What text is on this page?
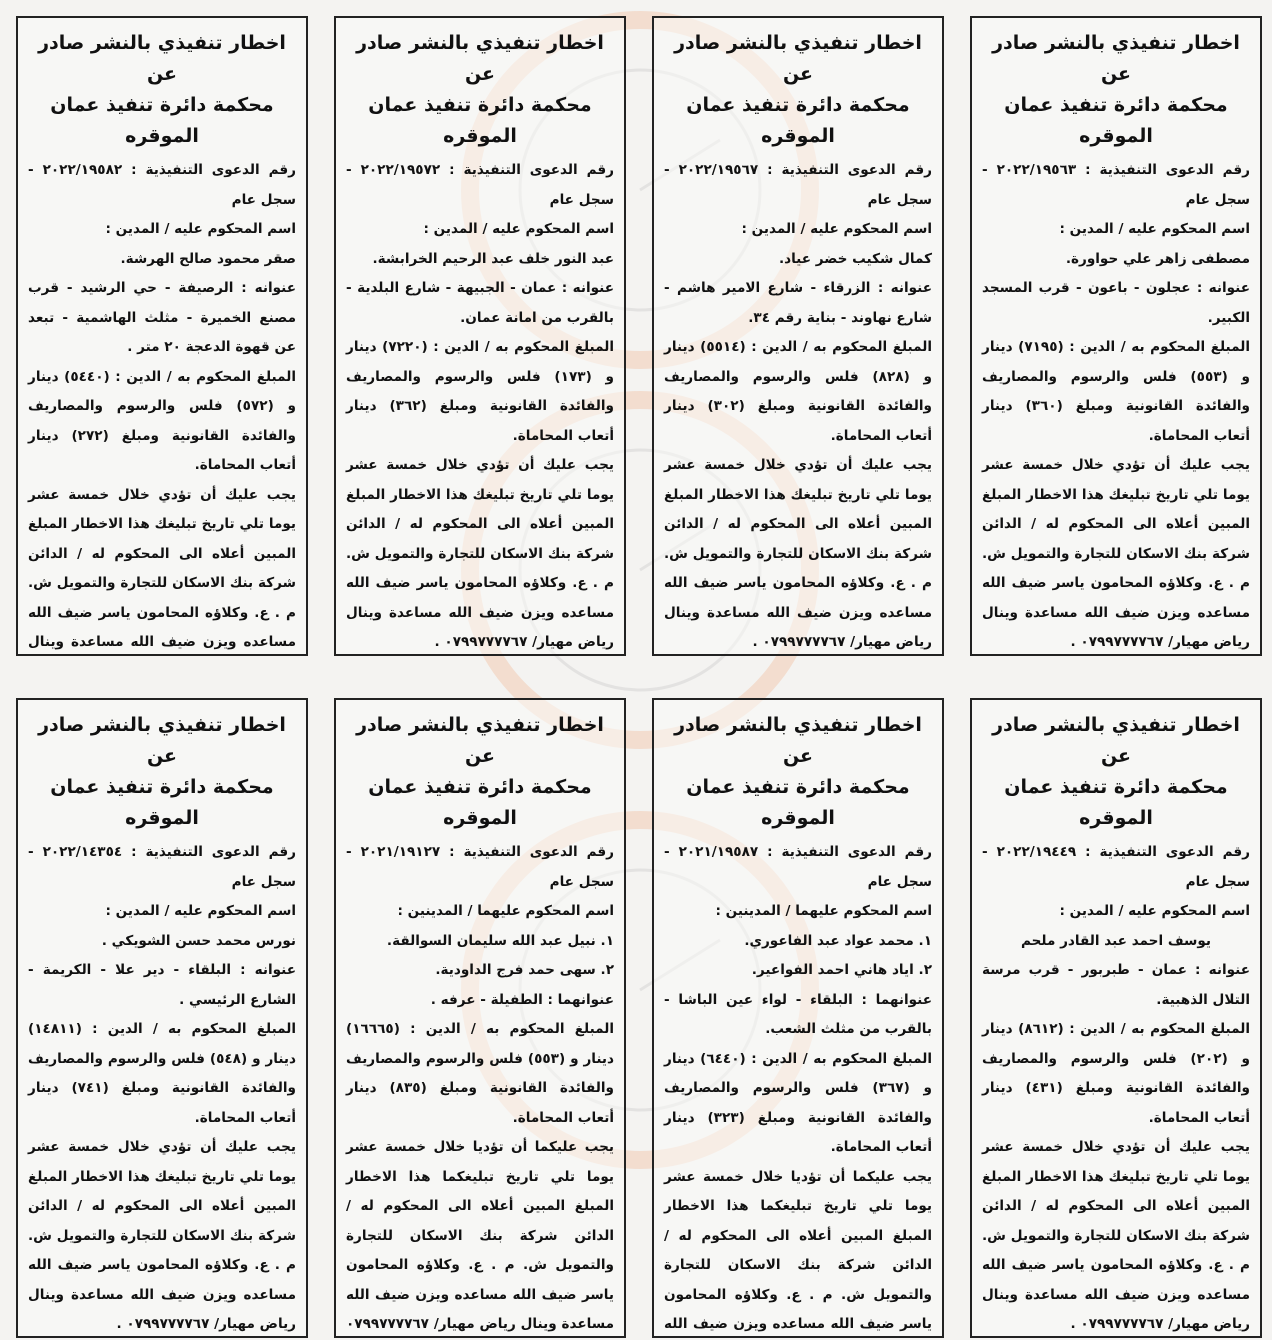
اخطار تنفيذي بالنشر صادر عن
محكمة دائرة تنفيذ عمان الموقره

رقم الدعوى التنفيذية : ٢٠٢٢/١٩٥٦٣ - سجل عام

اسم المحكوم عليه / المدين :

مصطفى زاهر علي حواورة.

عنوانه : عجلون - باعون - قرب المسجد الكبير.

المبلغ المحكوم به / الدين : (٧١٩٥) دينار و (٥٥٣) فلس والرسوم والمصاريف والفائدة القانونية ومبلغ (٣٦٠) دينار أتعاب المحاماة.

يجب عليك أن تؤدي خلال خمسة عشر يوما تلي تاريخ تبليغك هذا الاخطار المبلغ المبين أعلاه الى المحكوم له / الدائن شركة بنك الاسكان للتجارة والتمويل ش. م . ع. وكلاؤه المحامون ياسر ضيف الله مساعده ويزن ضيف الله مساعدة وينال رياض مهيار/ ٠٧٩٩٧٧٧٧٦٧ .

اخطار تنفيذي بالنشر صادر عن
محكمة دائرة تنفيذ عمان الموقره

رقم الدعوى التنفيذية : ٢٠٢٢/١٩٥٦٧ - سجل عام

اسم المحكوم عليه / المدين :

كمال شكيب خضر عياد.

عنوانه : الزرقاء - شارع الامير هاشم - شارع نهاوند - بناية رقم ٣٤.

المبلغ المحكوم به / الدين : (٥٥١٤) دينار و (٨٢٨) فلس والرسوم والمصاريف والفائدة القانونية ومبلغ (٣٠٢) دينار أتعاب المحاماة.

يجب عليك أن تؤدي خلال خمسة عشر يوما تلي تاريخ تبليغك هذا الاخطار المبلغ المبين أعلاه الى المحكوم له / الدائن شركة بنك الاسكان للتجارة والتمويل ش. م . ع. وكلاؤه المحامون ياسر ضيف الله مساعده ويزن ضيف الله مساعدة وينال رياض مهيار/ ٠٧٩٩٧٧٧٧٦٧ .

اخطار تنفيذي بالنشر صادر عن
محكمة دائرة تنفيذ عمان الموقره

رقم الدعوى التنفيذية : ٢٠٢٢/١٩٥٧٢ - سجل عام

اسم المحكوم عليه / المدين :

عبد النور خلف عبد الرحيم الخرابشة.

عنوانه : عمان - الجبيهة - شارع البلدية - بالقرب من امانة عمان.

المبلغ المحكوم به / الدين : (٧٢٢٠) دينار و (١٧٣) فلس والرسوم والمصاريف والفائدة القانونية ومبلغ (٣٦٢) دينار أتعاب المحاماة.

يجب عليك أن تؤدي خلال خمسة عشر يوما تلي تاريخ تبليغك هذا الاخطار المبلغ المبين أعلاه الى المحكوم له / الدائن شركة بنك الاسكان للتجارة والتمويل ش. م . ع. وكلاؤه المحامون ياسر ضيف الله مساعده ويزن ضيف الله مساعدة وينال رياض مهيار/ ٠٧٩٩٧٧٧٧٦٧ .

اخطار تنفيذي بالنشر صادر عن
محكمة دائرة تنفيذ عمان الموقره

رقم الدعوى التنفيذية : ٢٠٢٢/١٩٥٨٢ - سجل عام

اسم المحكوم عليه / المدين :

صقر محمود صالح الهرشة.

عنوانه : الرصيفة - حي الرشيد - قرب مصنع الخميرة - مثلث الهاشمية - تبعد عن قهوة الدعجة ٢٠ متر .

المبلغ المحكوم به / الدين : (٥٤٤٠) دينار و (٥٧٢) فلس والرسوم والمصاريف والفائدة القانونية ومبلغ (٢٧٢) دينار أتعاب المحاماة.

يجب عليك أن تؤدي خلال خمسة عشر يوما تلي تاريخ تبليغك هذا الاخطار المبلغ المبين أعلاه الى المحكوم له / الدائن شركة بنك الاسكان للتجارة والتمويل ش. م . ع. وكلاؤه المحامون ياسر ضيف الله مساعده ويزن ضيف الله مساعدة وينال

اخطار تنفيذي بالنشر صادر عن
محكمة دائرة تنفيذ عمان الموقره

رقم الدعوى التنفيذية : ٢٠٢٢/١٩٤٤٩ - سجل عام

اسم المحكوم عليه / المدين :

يوسف احمد عبد القادر ملحم

عنوانه : عمان - طبربور - قرب مرسة التلال الذهبية.

المبلغ المحكوم به / الدين : (٨٦١٢) دينار و (٢٠٢) فلس والرسوم والمصاريف والفائدة القانونية ومبلغ (٤٣١) دينار أتعاب المحاماة.

يجب عليك أن تؤدي خلال خمسة عشر يوما تلي تاريخ تبليغك هذا الاخطار المبلغ المبين أعلاه الى المحكوم له / الدائن شركة بنك الاسكان للتجارة والتمويل ش. م . ع. وكلاؤه المحامون ياسر ضيف الله مساعده ويزن ضيف الله مساعدة وينال رياض مهيار/ ٠٧٩٩٧٧٧٧٦٧ .

اخطار تنفيذي بالنشر صادر عن
محكمة دائرة تنفيذ عمان الموقره

رقم الدعوى التنفيذية : ٢٠٢١/١٩٥٨٧ - سجل عام

اسم المحكوم عليهما / المدينين :

١. محمد عواد عبد الفاعوري.

٢. اياد هاني احمد الفواعير.

عنوانهما : البلقاء - لواء عين الباشا - بالقرب من مثلث الشعب.

المبلغ المحكوم به / الدين : (٦٤٤٠) دينار و (٣٦٧) فلس والرسوم والمصاريف والفائدة القانونية ومبلغ (٣٢٣) دينار أتعاب المحاماة.

يجب عليكما أن تؤديا خلال خمسة عشر يوما تلي تاريخ تبليغكما هذا الاخطار المبلغ المبين أعلاه الى المحكوم له / الدائن شركة بنك الاسكان للتجارة والتمويل ش. م . ع. وكلاؤه المحامون ياسر ضيف الله مساعده ويزن ضيف الله

اخطار تنفيذي بالنشر صادر عن
محكمة دائرة تنفيذ عمان الموقره

رقم الدعوى التنفيذية : ٢٠٢١/١٩١٢٧ - سجل عام

اسم المحكوم عليهما / المدينين :

١. نبيل عبد الله سليمان السوالقة.

٢. سهى حمد فرج الداودية.

عنوانهما : الطفيلة - عرفه .

المبلغ المحكوم به / الدين : (١٦٦٦٥) دينار و (٥٥٣) فلس والرسوم والمصاريف والفائدة القانونية ومبلغ (٨٣٥) دينار أتعاب المحاماة.

يجب عليكما أن تؤديا خلال خمسة عشر يوما تلي تاريخ تبليغكما هذا الاخطار المبلغ المبين أعلاه الى المحكوم له / الدائن شركة بنك الاسكان للتجارة والتمويل ش. م . ع. وكلاؤه المحامون ياسر ضيف الله مساعده ويزن ضيف الله مساعدة وينال رياض مهيار/ ٠٧٩٩٧٧٧٧٦٧

اخطار تنفيذي بالنشر صادر عن
محكمة دائرة تنفيذ عمان الموقره

رقم الدعوى التنفيذية : ٢٠٢٢/١٤٣٥٤ - سجل عام

اسم المحكوم عليه / المدين :

نورس محمد حسن الشويكي .

عنوانه : البلقاء - دير علا - الكريمة - الشارع الرئيسي .

المبلغ المحكوم به / الدين : (١٤٨١١) دينار و (٥٤٨) فلس والرسوم والمصاريف والفائدة القانونية ومبلغ (٧٤١) دينار أتعاب المحاماة.

يجب عليك أن تؤدي خلال خمسة عشر يوما تلي تاريخ تبليغك هذا الاخطار المبلغ المبين أعلاه الى المحكوم له / الدائن شركة بنك الاسكان للتجارة والتمويل ش. م . ع. وكلاؤه المحامون ياسر ضيف الله مساعده ويزن ضيف الله مساعدة وينال رياض مهيار/ ٠٧٩٩٧٧٧٧٦٧ .
